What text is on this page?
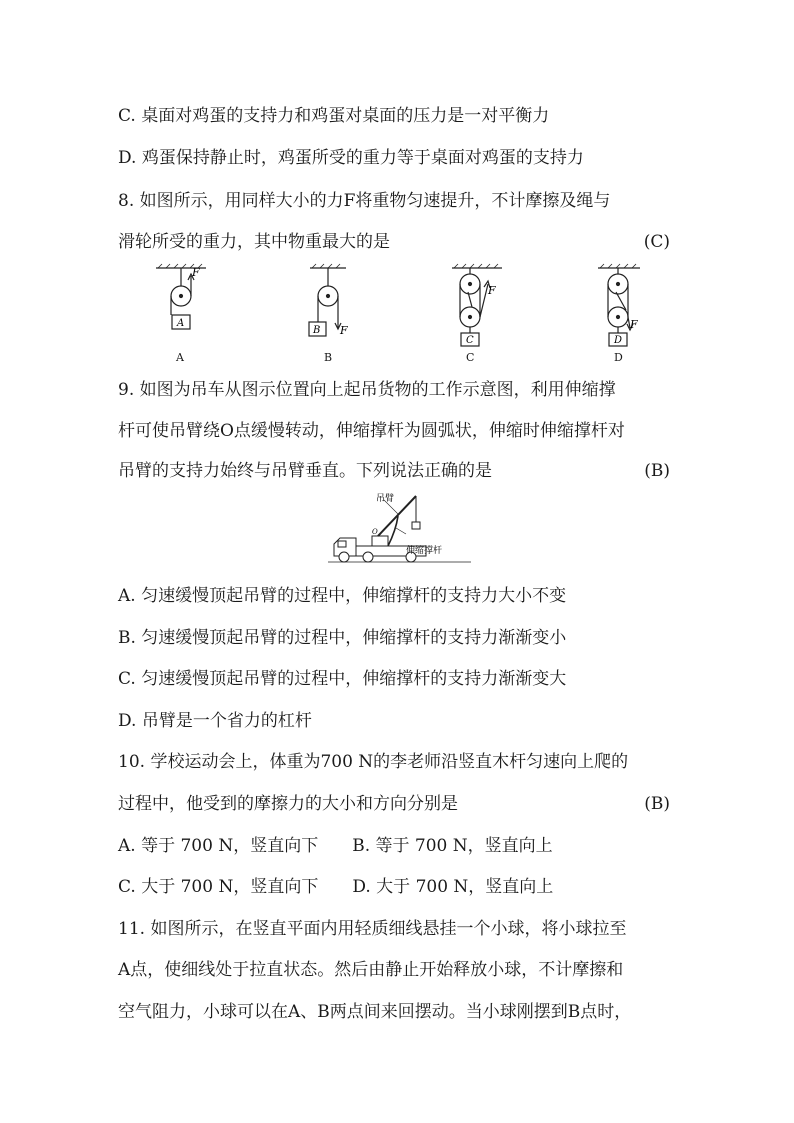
C. 桌面对鸡蛋的支持力和鸡蛋对桌面的压力是一对平衡力
D. 鸡蛋保持静止时，鸡蛋所受的重力等于桌面对鸡蛋的支持力
8. 如图所示，用同样大小的力F将重物匀速提升，不计摩擦及绳与
滑轮所受的重力，其中物重最大的是	(C)
F
A
F
B
F
C
F
D
A	B	C	D
9. 如图为吊车从图示位置向上起吊货物的工作示意图，利用伸缩撑
杆可使吊臂绕O点缓慢转动，伸缩撑杆为圆弧状，伸缩时伸缩撑杆对
吊臂的支持力始终与吊臂垂直。下列说法正确的是	(B)
吊臂
伸缩撑杆
O
A. 匀速缓慢顶起吊臂的过程中，伸缩撑杆的支持力大小不变
B. 匀速缓慢顶起吊臂的过程中，伸缩撑杆的支持力渐渐变小
C. 匀速缓慢顶起吊臂的过程中，伸缩撑杆的支持力渐渐变大
D. 吊臂是一个省力的杠杆
10. 学校运动会上，体重为700 N的李老师沿竖直木杆匀速向上爬的
过程中，他受到的摩擦力的大小和方向分别是	(B)
A. 等于 700 N，竖直向下　　B. 等于 700 N，竖直向上
C. 大于 700 N，竖直向下　　D. 大于 700 N，竖直向上
11. 如图所示，在竖直平面内用轻质细线悬挂一个小球，将小球拉至
A点，使细线处于拉直状态。然后由静止开始释放小球，不计摩擦和
空气阻力，小球可以在A、B两点间来回摆动。当小球刚摆到B点时，
